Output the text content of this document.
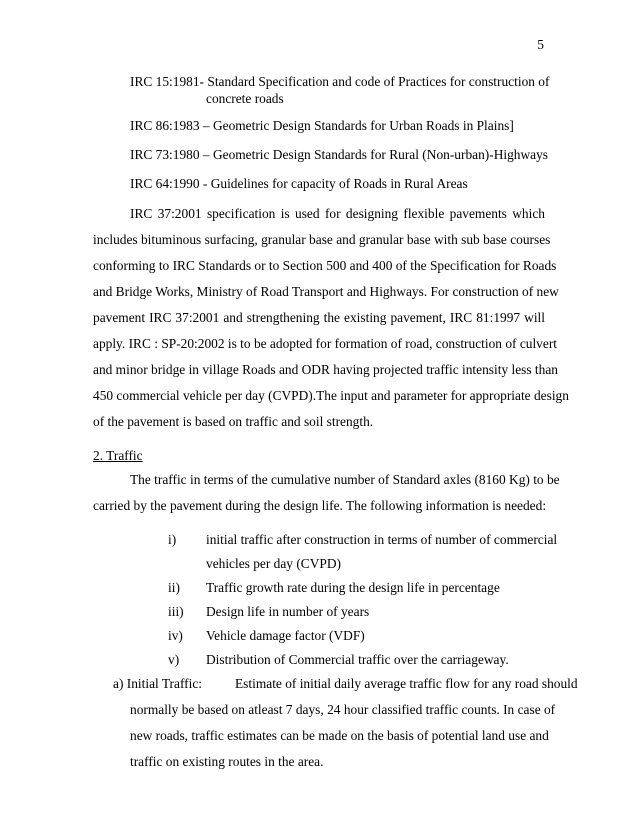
5
IRC 15:1981- Standard Specification and code of Practices for construction of
concrete roads
IRC 86:1983 – Geometric Design Standards for Urban Roads in Plains]
IRC 73:1980 – Geometric Design Standards for Rural (Non-urban)-Highways
IRC 64:1990 - Guidelines for capacity of Roads in Rural Areas
IRC 37:2001 specification is used for designing flexible pavements which
includes bituminous surfacing, granular base and granular base with sub base courses
conforming to IRC Standards or to Section 500 and 400 of the Specification for Roads
and Bridge Works, Ministry of Road Transport and Highways. For construction of new
pavement IRC 37:2001 and strengthening the existing pavement, IRC 81:1997 will
apply. IRC : SP-20:2002 is to be adopted for formation of road, construction of culvert
and minor bridge in village Roads and ODR having projected traffic intensity less than
450 commercial vehicle per day (CVPD).The input and parameter for appropriate design
of the pavement is based on traffic and soil strength.
2. Traffic
The traffic in terms of the cumulative number of Standard axles (8160 Kg) to be
carried by the pavement during the design life. The following information is needed:
i) initial traffic after construction in terms of number of commercial
vehicles per day (CVPD)
ii) Traffic growth rate during the design life in percentage
iii) Design life in number of years
iv) Vehicle damage factor (VDF)
v) Distribution of Commercial traffic over the carriageway.
a) Initial Traffic: Estimate of initial daily average traffic flow for any road should
normally be based on atleast 7 days, 24 hour classified traffic counts. In case of
new roads, traffic estimates can be made on the basis of potential land use and
traffic on existing routes in the area.
